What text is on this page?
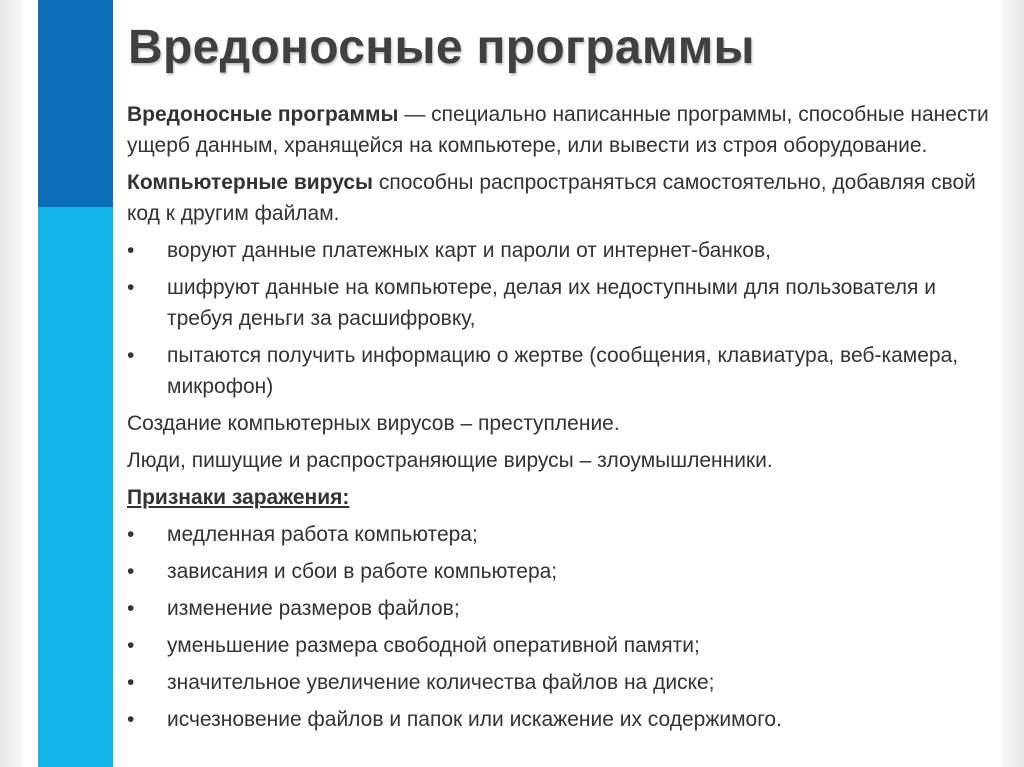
Вредоносные программы

Вредоносные программы — специально написанные программы, способные нанести ущерб данным, хранящейся на компьютере, или вывести из строя оборудование.

Компьютерные вирусы способны распространяться самостоятельно, добавляя свой код к другим файлам.

• воруют данные платежных карт и пароли от интернет-банков,
• шифруют данные на компьютере, делая их недоступными для пользователя и требуя деньги за расшифровку,
• пытаются получить информацию о жертве (сообщения, клавиатура, веб-камера, микрофон)

Создание компьютерных вирусов – преступление.

Люди, пишущие и распространяющие вирусы – злоумышленники.

Признаки заражения:

• медленная работа компьютера;
• зависания и сбои в работе компьютера;
• изменение размеров файлов;
• уменьшение размера свободной оперативной памяти;
• значительное увеличение количества файлов на диске;
• исчезновение файлов и папок или искажение их содержимого.
